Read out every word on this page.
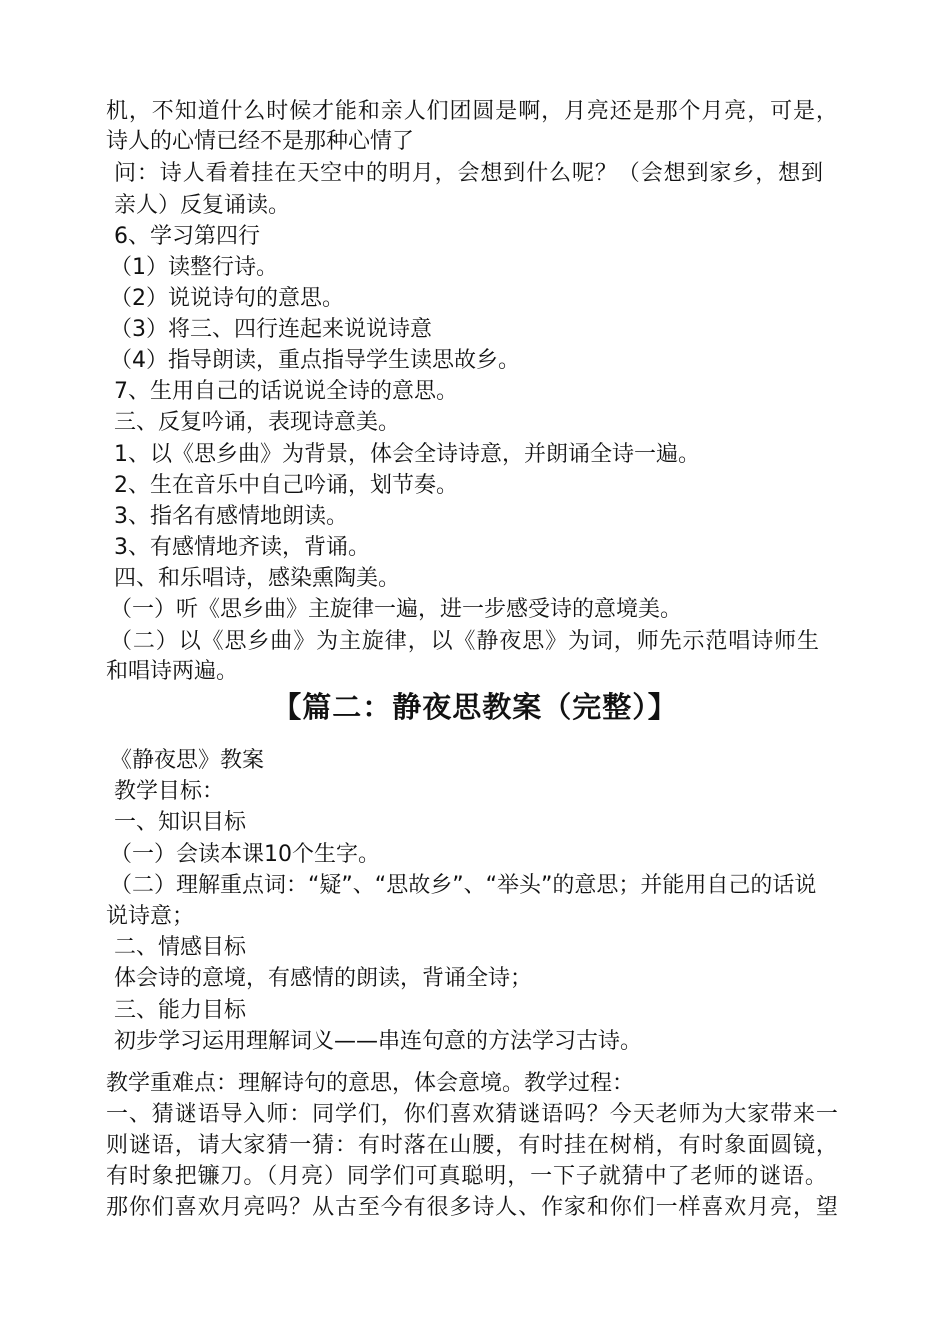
机，不知道什么时候才能和亲人们团圆是啊，月亮还是那个月亮，可是，
诗人的心情已经不是那种心情了
问：诗人看着挂在天空中的明月，会想到什么呢？（会想到家乡，想到
亲人）反复诵读。
6、学习第四行
（1）读整行诗。
（2）说说诗句的意思。
（3）将三、四行连起来说说诗意
（4）指导朗读，重点指导学生读思故乡。
7、生用自己的话说说全诗的意思。
三、反复吟诵，表现诗意美。
1、以《思乡曲》为背景，体会全诗诗意，并朗诵全诗一遍。
2、生在音乐中自己吟诵，划节奏。
3、指名有感情地朗读。
3、有感情地齐读，背诵。
四、和乐唱诗，感染熏陶美。
（一）听《思乡曲》主旋律一遍，进一步感受诗的意境美。
（二）以《思乡曲》为主旋律，以《静夜思》为词，师先示范唱诗师生
和唱诗两遍。
【篇二：静夜思教案（完整）】
《静夜思》教案
教学目标：
一、知识目标
（一）会读本课10个生字。
（二）理解重点词：“疑”、“思故乡”、“举头”的意思；并能用自己的话说
说诗意；
二、情感目标
体会诗的意境，有感情的朗读，背诵全诗；
三、能力目标
初步学习运用理解词义——串连句意的方法学习古诗。
教学重难点：理解诗句的意思，体会意境。教学过程：
一、猜谜语导入师：同学们，你们喜欢猜谜语吗？今天老师为大家带来一
则谜语，请大家猜一猜：有时落在山腰，有时挂在树梢，有时象面圆镜，
有时象把镰刀。（月亮）同学们可真聪明，一下子就猜中了老师的谜语。
那你们喜欢月亮吗？从古至今有很多诗人、作家和你们一样喜欢月亮，望
